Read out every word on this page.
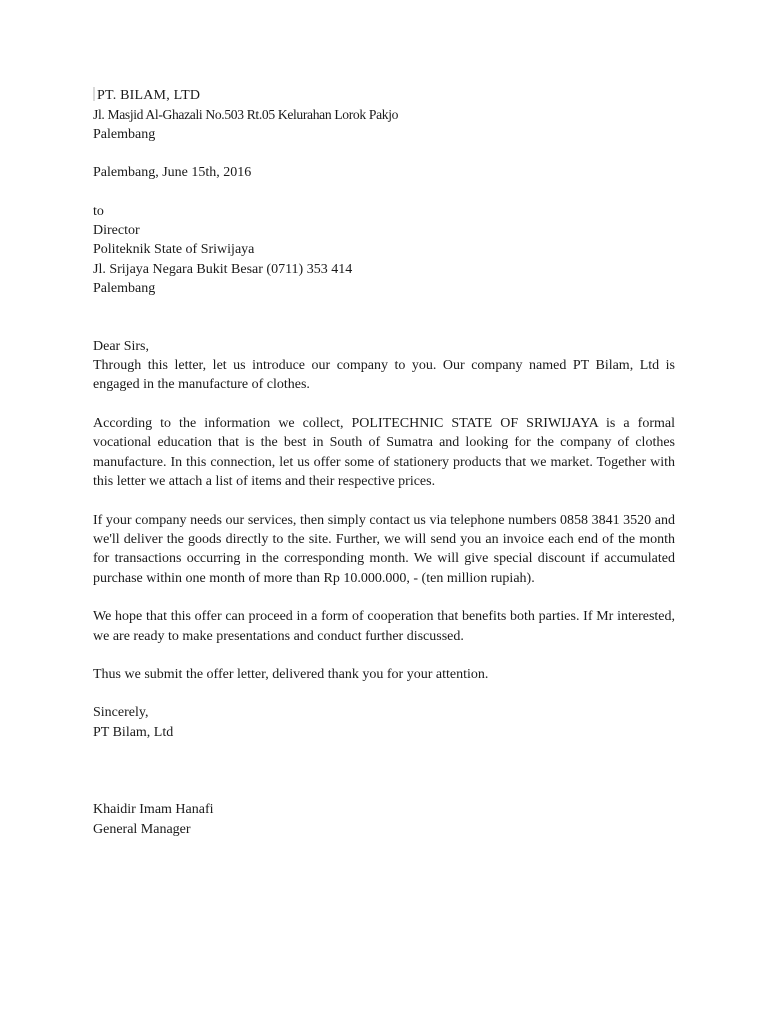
PT. BILAM, LTD
Jl. Masjid Al-Ghazali No.503 Rt.05 Kelurahan Lorok Pakjo
Palembang
Palembang, June 15th, 2016
to
Director
Politeknik State of Sriwijaya
Jl. Srijaya Negara Bukit Besar (0711) 353 414
Palembang
Dear Sirs,
Through this letter, let us introduce our company to you. Our company named PT Bilam, Ltd is engaged in the manufacture of clothes.
According to the information we collect, POLITECHNIC STATE OF SRIWIJAYA is a formal vocational education that is the best in South of Sumatra and looking for the company of clothes manufacture. In this connection, let us offer some of stationery products that we market. Together with this letter we attach a list of items and their respective prices.
If your company needs our services, then simply contact us via telephone numbers 0858 3841 3520 and we'll deliver the goods directly to the site. Further, we will send you an invoice each end of the month for transactions occurring in the corresponding month. We will give special discount if accumulated purchase within one month of more than Rp 10.000.000, - (ten million rupiah).
We hope that this offer can proceed in a form of cooperation that benefits both parties. If Mr interested, we are ready to make presentations and conduct further discussed.
Thus we submit the offer letter, delivered thank you for your attention.
Sincerely,
PT Bilam, Ltd
Khaidir Imam Hanafi
General Manager
